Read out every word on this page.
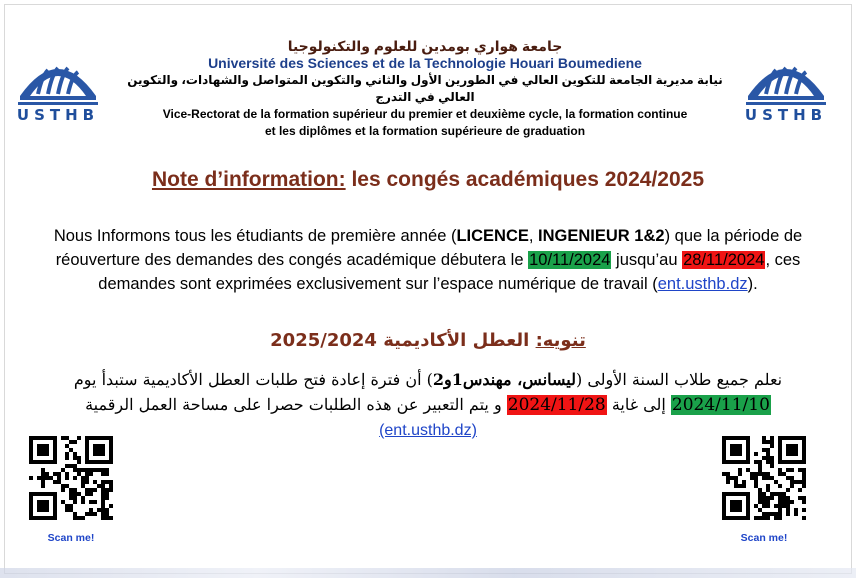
USTHB	USTHB
جامعة هواري بومدين للعلوم والتكنولوجيا
Université des Sciences et de la Technologie Houari Boumediene
نيابة مديرية الجامعة للتكوين العالي في الطورين الأول والثاني والتكوين المتواصل والشهادات، والتكوين العالي في التدرج
Vice-Rectorat de la formation supérieur du premier et deuxième cycle, la formation continue
et les diplômes et la formation supérieure de graduation
Note d’information: les congés académiques 2024/2025
Nous Informons tous les étudiants de première année (LICENCE, INGENIEUR 1&2) que la période de réouverture des demandes des congés académique débutera le 10/11/2024 jusqu’au 28/11/2024, ces demandes sont exprimées exclusivement sur l’espace numérique de travail (ent.usthb.dz).
تنويه: العطل الأكاديمية 2025/2024
نعلم جميع طلاب السنة الأولى (ليسانس، مهندس1و2) أن فترة إعادة فتح طلبات العطل الأكاديمية ستبدأ يوم 2024/11/10 إلى غاية 2024/11/28 و يتم التعبير عن هذه الطلبات حصرا على مساحة العمل الرقمية
(ent.usthb.dz)
Scan me!	Scan me!
